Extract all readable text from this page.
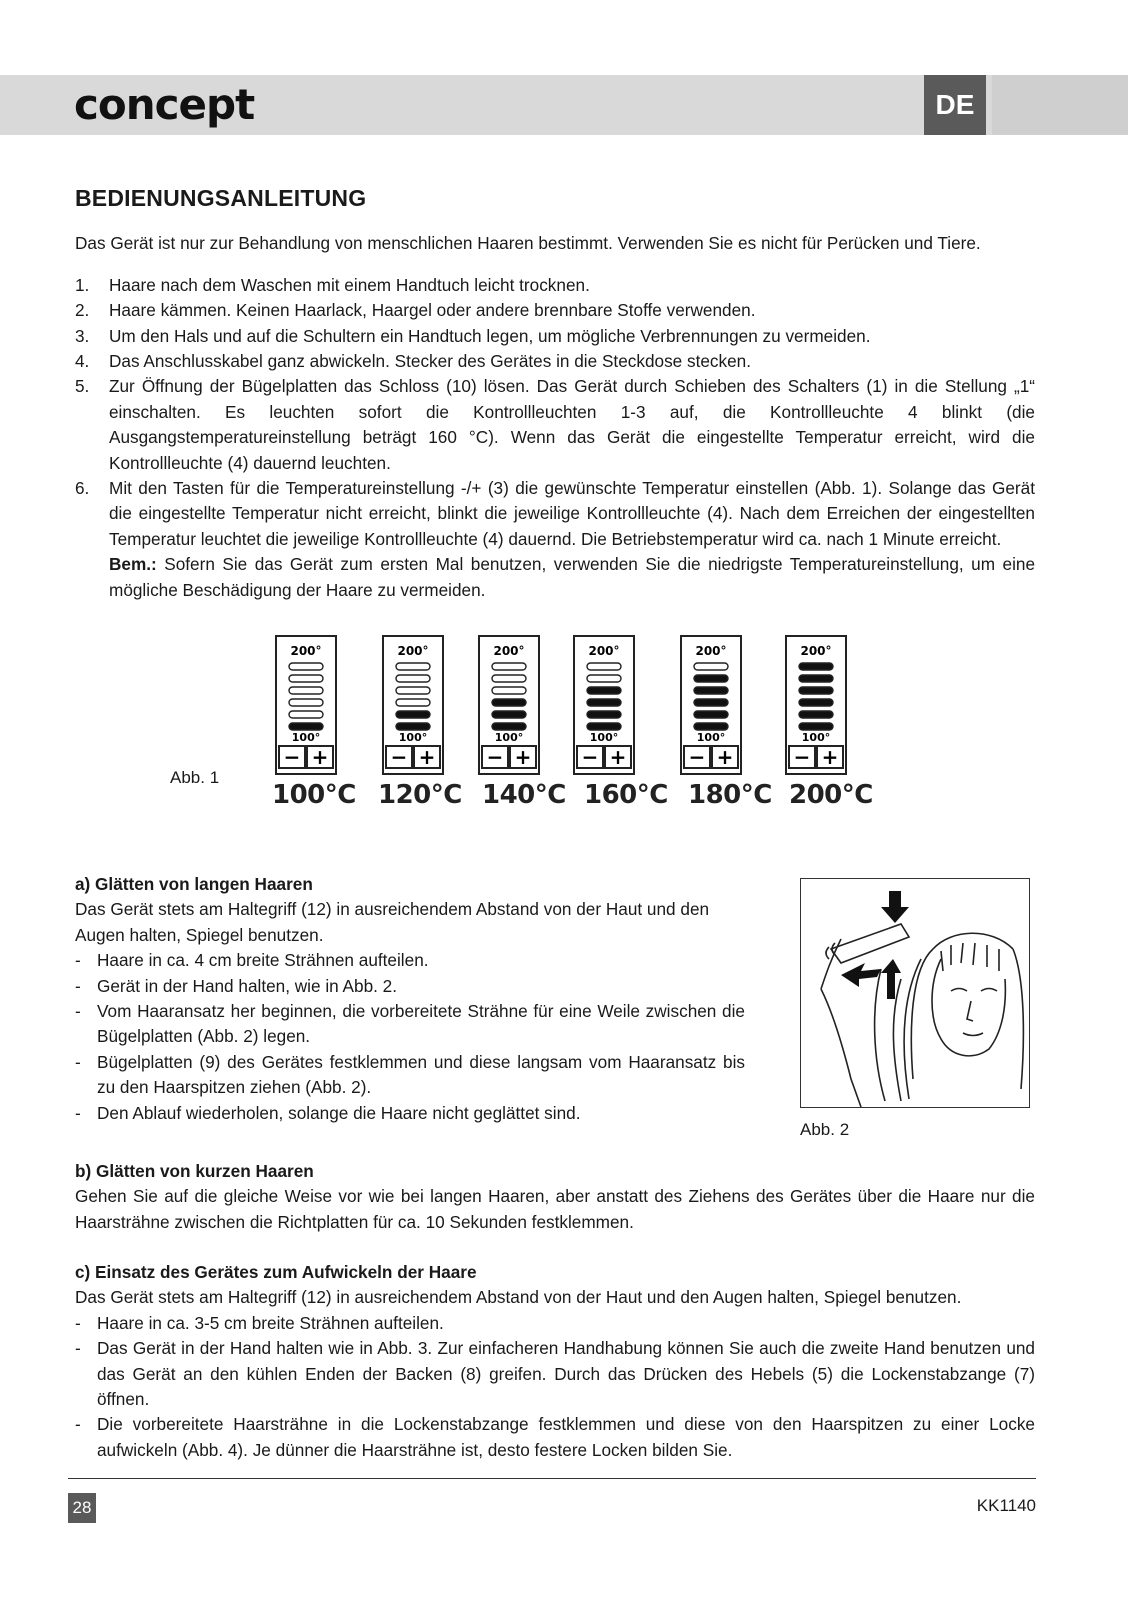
concept	DE
BEDIENUNGSANLEITUNG

Das Gerät ist nur zur Behandlung von menschlichen Haaren bestimmt. Verwenden Sie es nicht für Perücken und Tiere.

1. Haare nach dem Waschen mit einem Handtuch leicht trocknen.
2. Haare kämmen. Keinen Haarlack, Haargel oder andere brennbare Stoffe verwenden.
3. Um den Hals und auf die Schultern ein Handtuch legen, um mögliche Verbrennungen zu vermeiden.
4. Das Anschlusskabel ganz abwickeln. Stecker des Gerätes in die Steckdose stecken.
5. Zur Öffnung der Bügelplatten das Schloss (10) lösen. Das Gerät durch Schieben des Schalters (1) in die Stellung „1“ einschalten. Es leuchten sofort die Kontrollleuchten 1-3 auf, die Kontrollleuchte 4 blinkt (die Ausgangstemperatureinstellung beträgt 160 °C). Wenn das Gerät die eingestellte Temperatur erreicht, wird die Kontrollleuchte (4) dauernd leuchten.
6. Mit den Tasten für die Temperatureinstellung -/+ (3) die gewünschte Temperatur einstellen (Abb. 1). Solange das Gerät die eingestellte Temperatur nicht erreicht, blinkt die jeweilige Kontrollleuchte (4). Nach dem Erreichen der eingestellten Temperatur leuchtet die jeweilige Kontrollleuchte (4) dauernd. Die Betriebstemperatur wird ca. nach 1 Minute erreicht.
Bem.: Sofern Sie das Gerät zum ersten Mal benutzen, verwenden Sie die niedrigste Temperatureinstellung, um eine mögliche Beschädigung der Haare zu vermeiden.
Abb. 1
200°
100°
− +
100°C
200°
100°
− +
120°C
200°
100°
− +
140°C
200°
100°
− +
160°C
200°
100°
− +
180°C
200°
100°
− +
200°C
a) Glätten von langen Haaren

Das Gerät stets am Haltegriff (12) in ausreichendem Abstand von der Haut und den Augen halten, Spiegel benutzen.

- Haare in ca. 4 cm breite Strähnen aufteilen.
- Gerät in der Hand halten, wie in Abb. 2.
- Vom Haaransatz her beginnen, die vorbereitete Strähne für eine Weile zwischen die Bügelplatten (Abb. 2) legen.
- Bügelplatten (9) des Gerätes festklemmen und diese langsam vom Haaransatz bis zu den Haarspitzen ziehen (Abb. 2).
- Den Ablauf wiederholen, solange die Haare nicht geglättet sind.
Abb. 2
b) Glätten von kurzen Haaren

Gehen Sie auf die gleiche Weise vor wie bei langen Haaren, aber anstatt des Ziehens des Gerätes über die Haare nur die Haarsträhne zwischen die Richtplatten für ca. 10 Sekunden festklemmen.

c) Einsatz des Gerätes zum Aufwickeln der Haare

Das Gerät stets am Haltegriff (12) in ausreichendem Abstand von der Haut und den Augen halten, Spiegel benutzen.

- Haare in ca. 3-5 cm breite Strähnen aufteilen.
- Das Gerät in der Hand halten wie in Abb. 3. Zur einfacheren Handhabung können Sie auch die zweite Hand benutzen und das Gerät an den kühlen Enden der Backen (8) greifen. Durch das Drücken des Hebels (5) die Lockenstabzange (7) öffnen.
- Die vorbereitete Haarsträhne in die Lockenstabzange festklemmen und diese von den Haarspitzen zu einer Locke aufwickeln (Abb. 4). Je dünner die Haarsträhne ist, desto festere Locken bilden Sie.
28	KK1140
